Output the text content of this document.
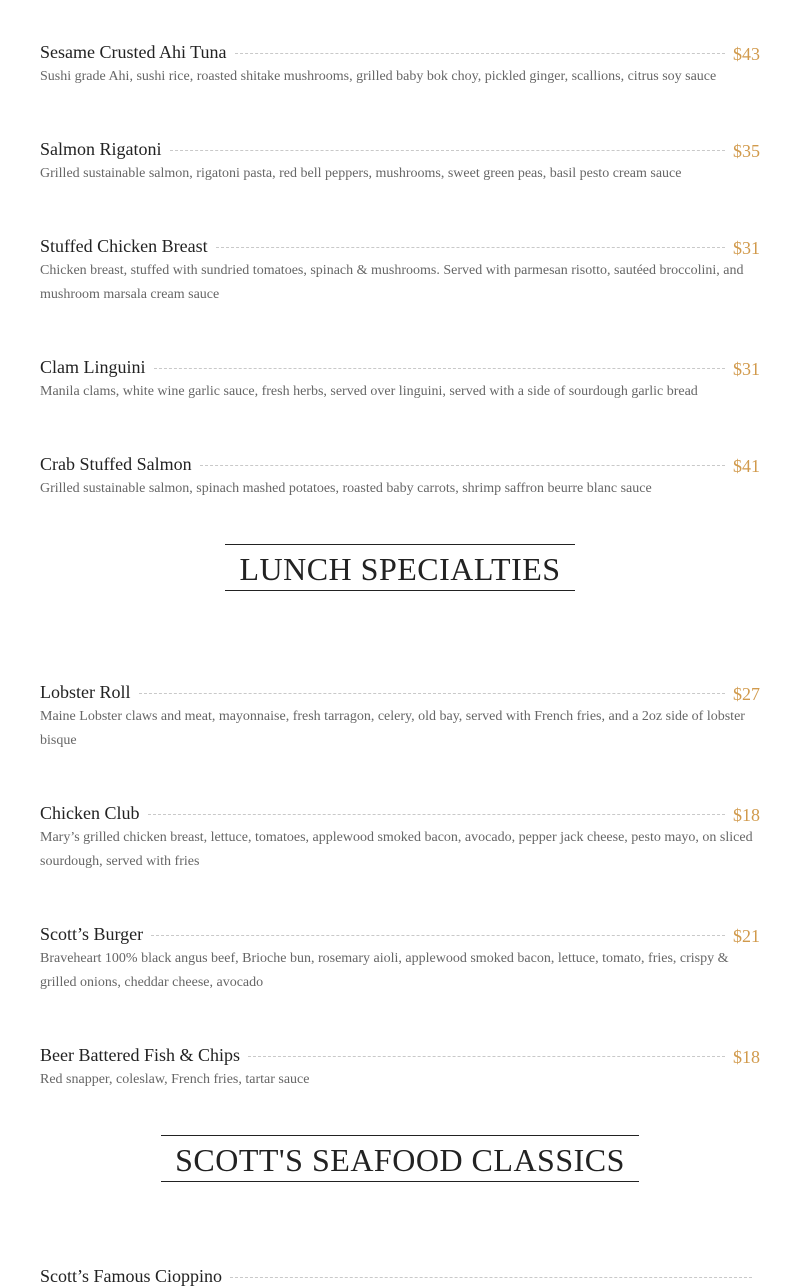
Sesame Crusted Ahi Tuna	$43
Sushi grade Ahi, sushi rice, roasted shitake mushrooms, grilled baby bok choy, pickled ginger, scallions, citrus soy sauce
Salmon Rigatoni	$35
Grilled sustainable salmon, rigatoni pasta, red bell peppers, mushrooms, sweet green peas, basil pesto cream sauce
Stuffed Chicken Breast	$31
Chicken breast, stuffed with sundried tomatoes, spinach & mushrooms. Served with parmesan risotto, sautéed broccolini, and mushroom marsala cream sauce
Clam Linguini	$31
Manila clams, white wine garlic sauce, fresh herbs, served over linguini, served with a side of sourdough garlic bread
Crab Stuffed Salmon	$41
Grilled sustainable salmon, spinach mashed potatoes, roasted baby carrots, shrimp saffron beurre blanc sauce
LUNCH SPECIALTIES
Lobster Roll	$27
Maine Lobster claws and meat, mayonnaise, fresh tarragon, celery, old bay, served with French fries, and a 2oz side of lobster bisque
Chicken Club	$18
Mary’s grilled chicken breast, lettuce, tomatoes, applewood smoked bacon, avocado, pepper jack cheese, pesto mayo, on sliced sourdough, served with fries
Scott’s Burger	$21
Braveheart 100% black angus beef, Brioche bun, rosemary aioli, applewood smoked bacon, lettuce, tomato, fries, crispy & grilled onions, cheddar cheese, avocado
Beer Battered Fish & Chips	$18
Red snapper, coleslaw, French fries, tartar sauce
SCOTT'S SEAFOOD CLASSICS
Scott’s Famous Cioppino
